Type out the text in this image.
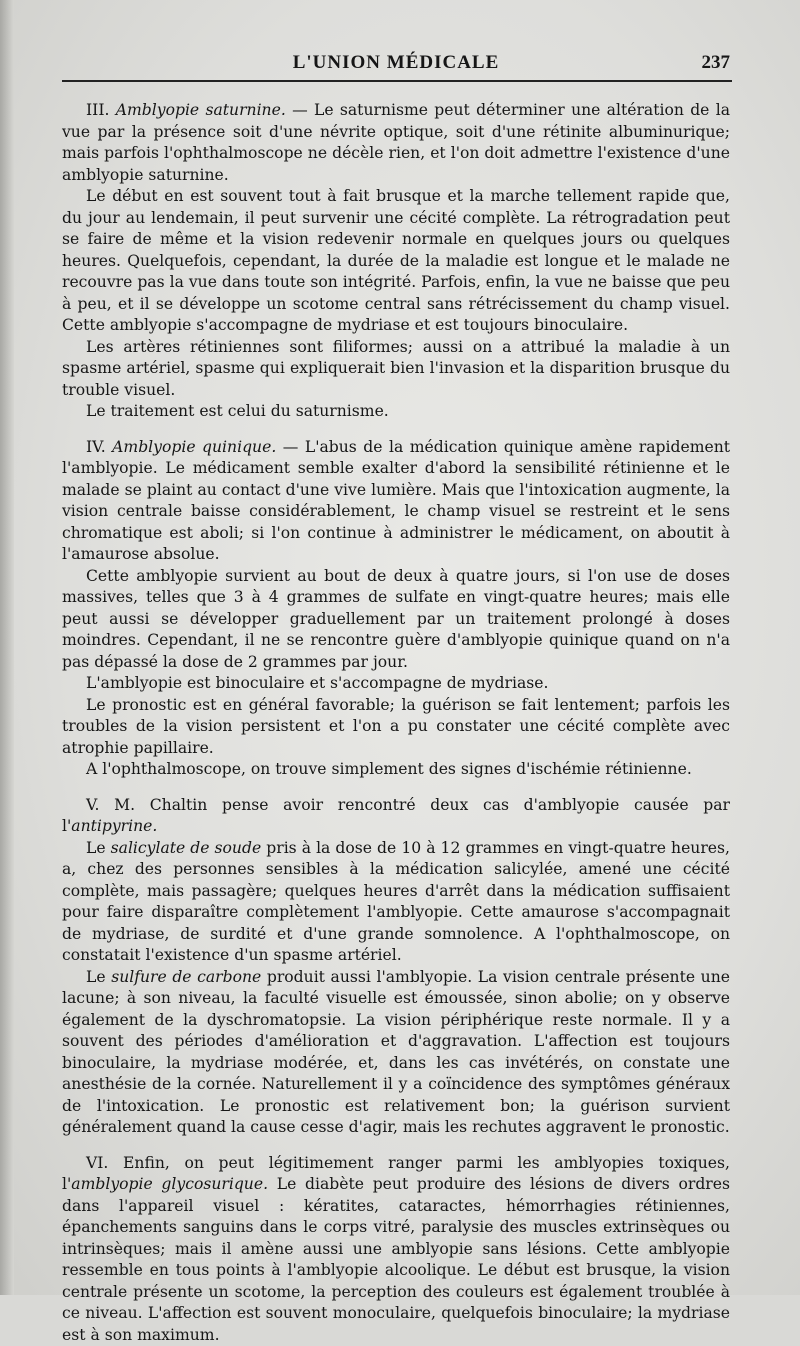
L'UNION MÉDICALE	237

III. Amblyopie saturnine. — Le saturnisme peut déterminer une altération de la vue par la présence soit d'une névrite optique, soit d'une rétinite albuminurique; mais parfois l'ophthalmoscope ne décèle rien, et l'on doit admettre l'existence d'une amblyopie saturnine.

Le début en est souvent tout à fait brusque et la marche tellement rapide que, du jour au lendemain, il peut survenir une cécité complète. La rétrogradation peut se faire de même et la vision redevenir normale en quelques jours ou quelques heures. Quelquefois, cependant, la durée de la maladie est longue et le malade ne recouvre pas la vue dans toute son intégrité. Parfois, enfin, la vue ne baisse que peu à peu, et il se développe un scotome central sans rétrécissement du champ visuel. Cette amblyopie s'accompagne de mydriase et est toujours binoculaire.

Les artères rétiniennes sont filiformes; aussi on a attribué la maladie à un spasme artériel, spasme qui expliquerait bien l'invasion et la disparition brusque du trouble visuel.

Le traitement est celui du saturnisme.

IV. Amblyopie quinique. — L'abus de la médication quinique amène rapidement l'amblyopie. Le médicament semble exalter d'abord la sensibilité rétinienne et le malade se plaint au contact d'une vive lumière. Mais que l'intoxication augmente, la vision centrale baisse considérablement, le champ visuel se restreint et le sens chromatique est aboli; si l'on continue à administrer le médicament, on aboutit à l'amaurose absolue.

Cette amblyopie survient au bout de deux à quatre jours, si l'on use de doses massives, telles que 3 à 4 grammes de sulfate en vingt-quatre heures; mais elle peut aussi se développer graduellement par un traitement prolongé à doses moindres. Cependant, il ne se rencontre guère d'amblyopie quinique quand on n'a pas dépassé la dose de 2 grammes par jour.

L'amblyopie est binoculaire et s'accompagne de mydriase.

Le pronostic est en général favorable; la guérison se fait lentement; parfois les troubles de la vision persistent et l'on a pu constater une cécité complète avec atrophie papillaire.

A l'ophthalmoscope, on trouve simplement des signes d'ischémie rétinienne.

V. M. Chaltin pense avoir rencontré deux cas d'amblyopie causée par l'antipyrine.

Le salicylate de soude pris à la dose de 10 à 12 grammes en vingt-quatre heures, a, chez des personnes sensibles à la médication salicylée, amené une cécité complète, mais passagère; quelques heures d'arrêt dans la médication suffisaient pour faire disparaître complètement l'amblyopie. Cette amaurose s'accompagnait de mydriase, de surdité et d'une grande somnolence. A l'ophthalmoscope, on constatait l'existence d'un spasme artériel.

Le sulfure de carbone produit aussi l'amblyopie. La vision centrale présente une lacune; à son niveau, la faculté visuelle est émoussée, sinon abolie; on y observe également de la dyschromatopsie. La vision périphérique reste normale. Il y a souvent des périodes d'amélioration et d'aggravation. L'affection est toujours binoculaire, la mydriase modérée, et, dans les cas invétérés, on constate une anesthésie de la cornée. Naturellement il y a coïncidence des symptômes généraux de l'intoxication. Le pronostic est relativement bon; la guérison survient généralement quand la cause cesse d'agir, mais les rechutes aggravent le pronostic.

VI. Enfin, on peut légitimement ranger parmi les amblyopies toxiques, l'amblyopie glycosurique. Le diabète peut produire des lésions de divers ordres dans l'appareil visuel : kératites, cataractes, hémorrhagies rétiniennes, épanchements sanguins dans le corps vitré, paralysie des muscles extrinsèques ou intrinsèques; mais il amène aussi une amblyopie sans lésions. Cette amblyopie ressemble en tous points à l'amblyopie alcoolique. Le début est brusque, la vision centrale présente un scotome, la perception des couleurs est également troublée à ce niveau. L'affection est souvent monoculaire, quelquefois binoculaire; la mydriase est à son maximum.
